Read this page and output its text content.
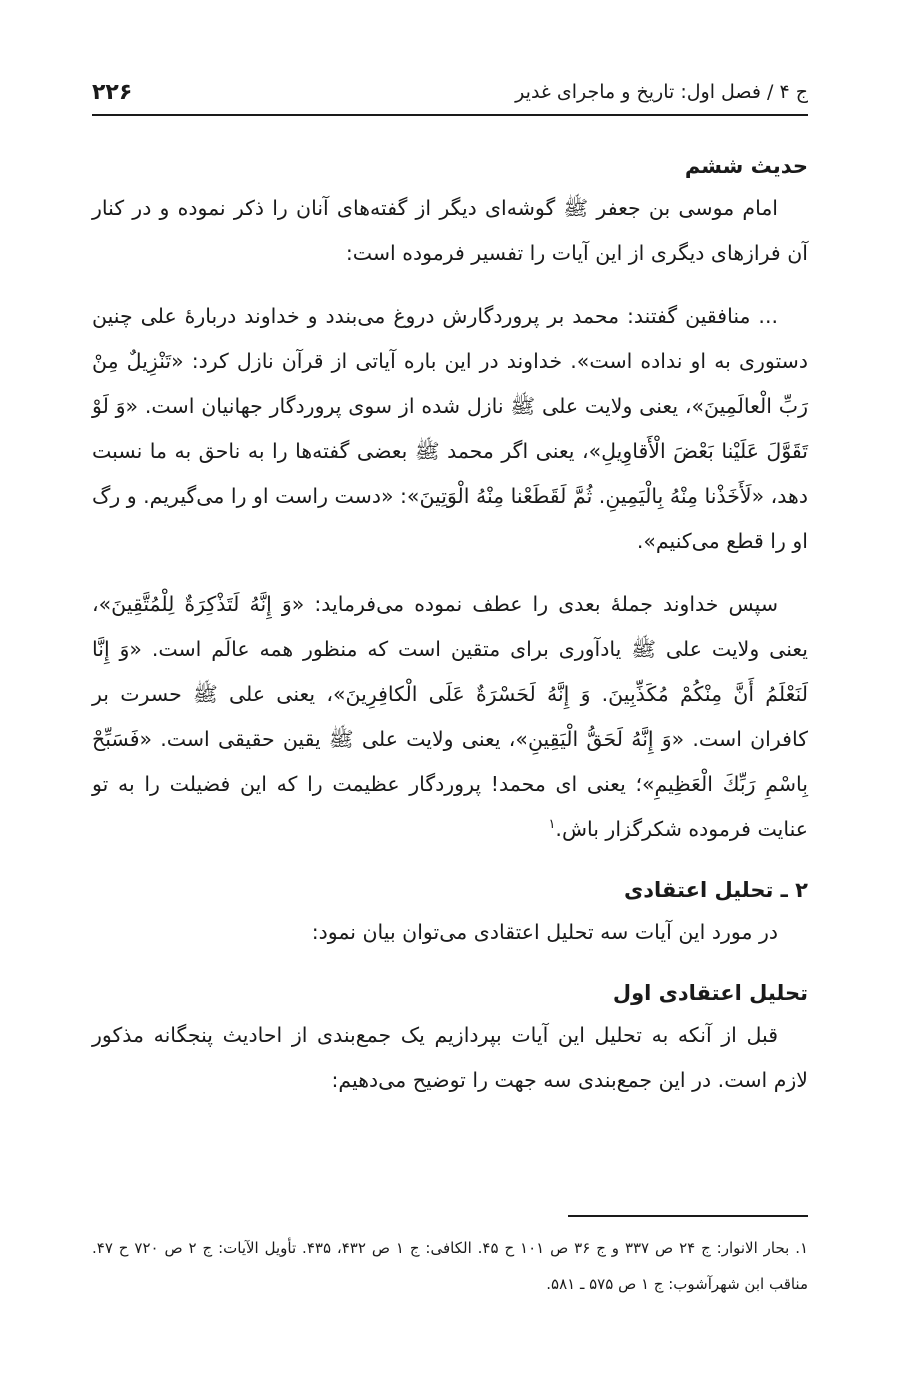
ج ۴ / فصل اول: تاریخ و ماجرای غدیر
۲۲۶
حدیث ششم

امام موسی بن جعفر ﷺ گوشه‌ای دیگر از گفته‌های آنان را ذکر نموده و در کنار آن فرازهای دیگری از این آیات را تفسیر فرموده است:

... منافقین گفتند: محمد بر پروردگارش دروغ می‌بندد و خداوند دربارهٔ علی چنین دستوری به او نداده است». خداوند در این باره آیاتی از قرآن نازل کرد: «تَنْزِيلٌ مِنْ رَبِّ الْعالَمِينَ»، یعنی ولایت علی ﷺ نازل شده از سوی پروردگار جهانیان است. «وَ لَوْ تَقَوَّلَ عَلَيْنا بَعْضَ الْأَقاوِيلِ»، یعنی اگر محمد ﷺ بعضی گفته‌ها را به ناحق به ما نسبت دهد، «لَأَخَذْنا مِنْهُ بِالْيَمِينِ. ثُمَّ لَقَطَعْنا مِنْهُ الْوَتِينَ»: «دست راست او را می‌گیریم. و رگ او را قطع می‌کنیم».

سپس خداوند جملهٔ بعدی را عطف نموده می‌فرماید: «وَ إِنَّهُ لَتَذْكِرَةٌ لِلْمُتَّقِينَ»، یعنی ولایت علی ﷺ یادآوری برای متقین است که منظور همه عالَم است. «وَ إِنَّا لَنَعْلَمُ أَنَّ مِنْكُمْ مُكَذِّبِينَ. وَ إِنَّهُ لَحَسْرَةٌ عَلَى الْكافِرِينَ»، یعنی علی ﷺ حسرت بر کافران است. «وَ إِنَّهُ لَحَقُّ الْيَقِينِ»، یعنی ولایت علی ﷺ یقین حقیقی است. «فَسَبِّحْ بِاسْمِ رَبِّكَ الْعَظِيمِ»؛ یعنی ای محمد! پروردگار عظیمت را که این فضیلت را به تو عنایت فرموده شکرگزار باش.$^۱$

۲ ـ تحلیل اعتقادی

در مورد این آیات سه تحلیل اعتقادی می‌توان بیان نمود:

تحلیل اعتقادی اول

قبل از آنکه به تحلیل این آیات بپردازیم یک جمع‌بندی از احادیث پنجگانه مذکور لازم است. در این جمع‌بندی سه جهت را توضیح می‌دهیم:

۱. بحار الانوار: ج ۲۴ ص ۳۳۷ و ج ۳۶ ص ۱۰۱ ح ۴۵. الکافی: ج ۱ ص ۴۳۲، ۴۳۵. تأویل الآیات: ج ۲ ص ۷۲۰ ح ۴۷. مناقب ابن شهرآشوب: ج ۱ ص ۵۷۵ ـ ۵۸۱.
